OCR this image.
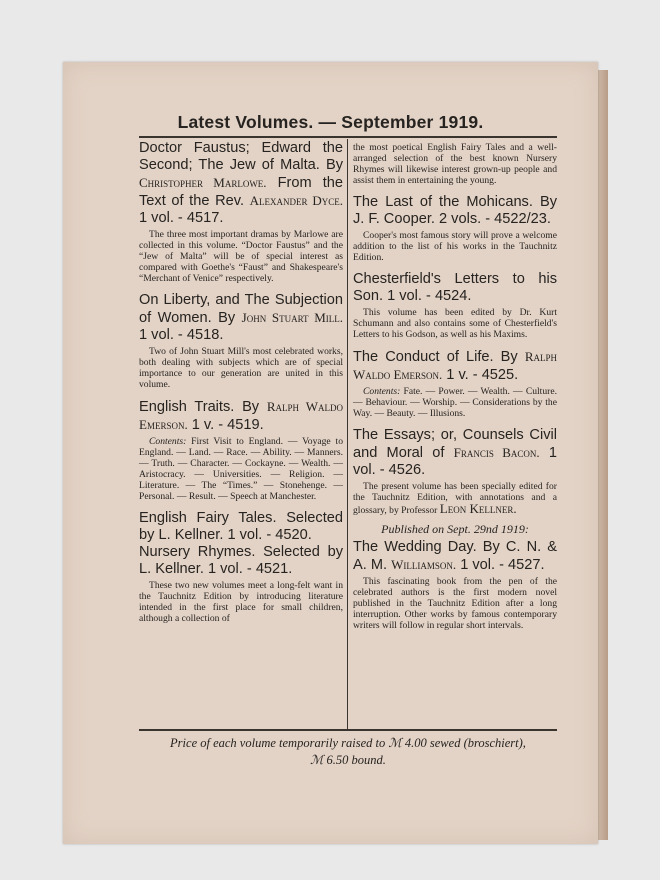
Latest Volumes. — September 1919.

Doctor Faustus; Edward the Second; The Jew of Malta. By Christopher Marlowe. From the Text of the Rev. Alexander Dyce. 1 vol. - 4517.

The three most important dramas by Marlowe are collected in this volume. “Doctor Faustus” and the “Jew of Malta” will be of special interest as compared with Goethe's “Faust” and Shakespeare's “Merchant of Venice” respectively.

On Liberty, and The Subjection of Women. By John Stuart Mill. 1 vol. - 4518.

Two of John Stuart Mill's most celebrated works, both dealing with subjects which are of special importance to our generation are united in this volume.

English Traits. By Ralph Waldo Emerson. 1 v. - 4519.

Contents: First Visit to England. — Voyage to England. — Land. — Race. — Ability. — Manners. — Truth. — Character. — Cockayne. — Wealth. — Aristocracy. — Universities. — Religion. — Literature. — The “Times.” — Stonehenge. — Personal. — Result. — Speech at Manchester.

English Fairy Tales. Selected by L. Kellner. 1 vol. - 4520.

Nursery Rhymes. Selected by L. Kellner. 1 vol. - 4521.

These two new volumes meet a long-felt want in the Tauchnitz Edition by introducing literature intended in the first place for small children, although a collection of

the most poetical English Fairy Tales and a well-arranged selection of the best known Nursery Rhymes will likewise interest grown-up people and assist them in entertaining the young.

The Last of the Mohicans. By J. F. Cooper. 2 vols. - 4522/23.

Cooper's most famous story will prove a welcome addition to the list of his works in the Tauchnitz Edition.

Chesterfield's Letters to his Son. 1 vol. - 4524.

This volume has been edited by Dr. Kurt Schumann and also contains some of Chesterfield's Letters to his Godson, as well as his Maxims.

The Conduct of Life. By Ralph Waldo Emerson. 1 v. - 4525.

Contents: Fate. — Power. — Wealth. — Culture. — Behaviour. — Worship. — Considerations by the Way. — Beauty. — Illusions.

The Essays; or, Counsels Civil and Moral of Francis Bacon. 1 vol. - 4526.

The present volume has been specially edited for the Tauchnitz Edition, with annotations and a glossary, by Professor Leon Kellner.

Published on Sept. 29nd 1919:

The Wedding Day. By C. N. & A. M. Williamson. 1 vol. - 4527.

This fascinating book from the pen of the celebrated authors is the first modern novel published in the Tauchnitz Edition after a long interruption. Other works by famous contemporary writers will follow in regular short intervals.

Price of each volume temporarily raised to ℳ 4.00 sewed (broschiert),
ℳ 6.50 bound.
